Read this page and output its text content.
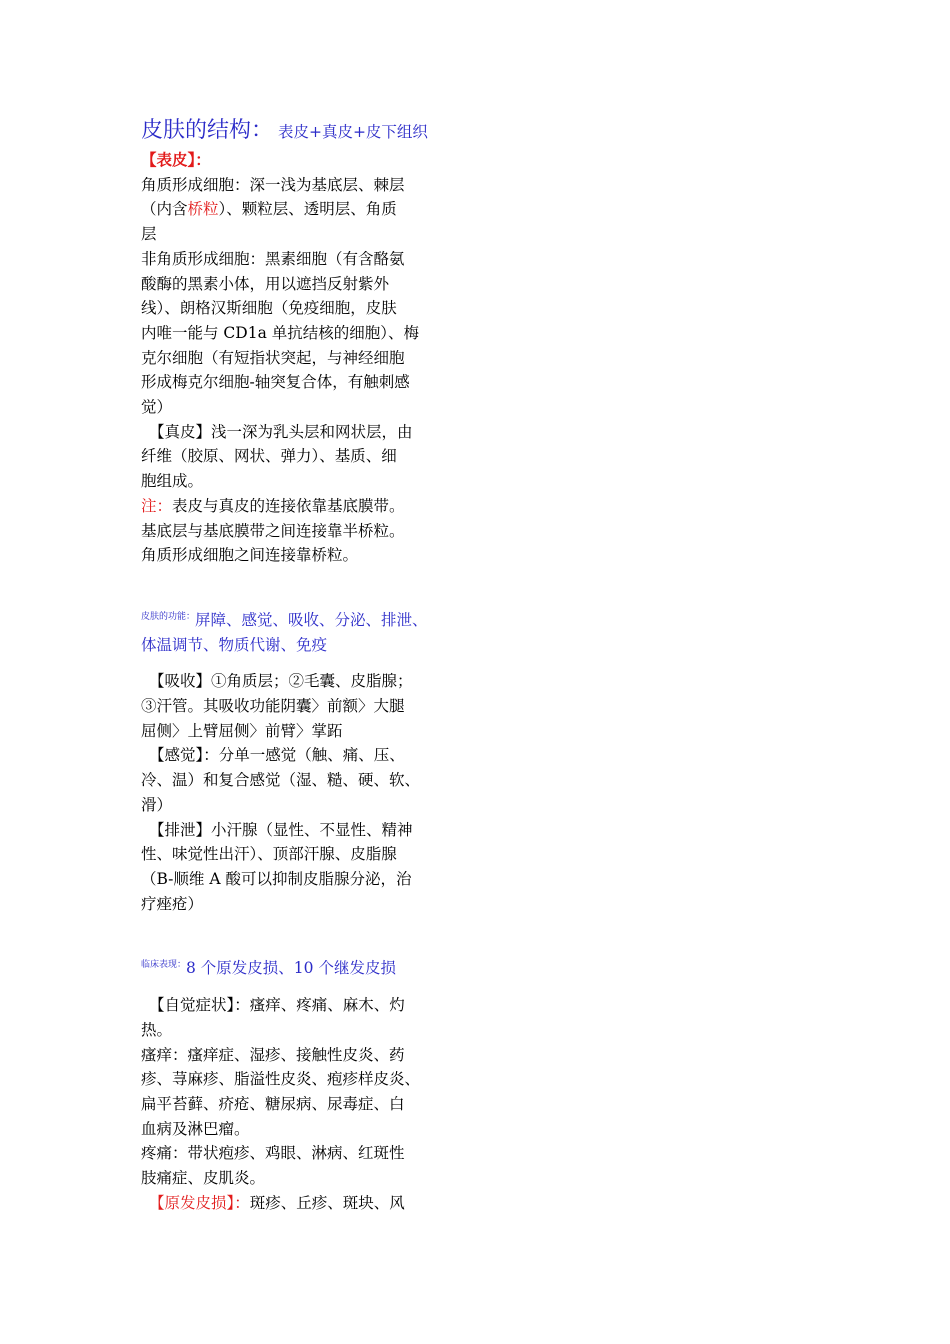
皮肤的结构： 表皮+真皮+皮下组织
【表皮】：
角质形成细胞：深一浅为基底层、棘层
（内含桥粒）、颗粒层、透明层、角质
层
非角质形成细胞：黑素细胞（有含酪氨
酸酶的黑素小体，用以遮挡反射紫外
线）、朗格汉斯细胞（免疫细胞，皮肤
内唯一能与 CD1a 单抗结核的细胞）、梅
克尔细胞（有短指状突起，与神经细胞
形成梅克尔细胞-轴突复合体，有触刺感
觉）
【真皮】浅一深为乳头层和网状层，由
纤维（胶原、网状、弹力）、基质、细
胞组成。
注：表皮与真皮的连接依靠基底膜带。
基底层与基底膜带之间连接靠半桥粒。
角质形成细胞之间连接靠桥粒。
$^{皮肤的功能:}$屏障、感觉、吸收、分泌、排泄、
体温调节、物质代谢、免疫
【吸收】①角质层；②毛囊、皮脂腺；
③汗管。其吸收功能阴囊〉前额〉大腿
屈侧〉上臂屈侧〉前臂〉掌跖
【感觉】：分单一感觉（触、痛、压、
冷、温）和复合感觉（湿、糙、硬、软、
滑）
【排泄】小汗腺（显性、不显性、精神
性、味觉性出汗）、顶部汗腺、皮脂腺
（B-顺维 A 酸可以抑制皮脂腺分泌，治
疗痤疮）
$^{临床表现:}$8 个原发皮损、10 个继发皮损
【自觉症状】：瘙痒、疼痛、麻木、灼
热。
瘙痒：瘙痒症、湿疹、接触性皮炎、药
疹、荨麻疹、脂溢性皮炎、疱疹样皮炎、
扁平苔藓、疥疮、糖尿病、尿毒症、白
血病及淋巴瘤。
疼痛：带状疱疹、鸡眼、淋病、红斑性
肢痛症、皮肌炎。
【原发皮损】：斑疹、丘疹、斑块、风
